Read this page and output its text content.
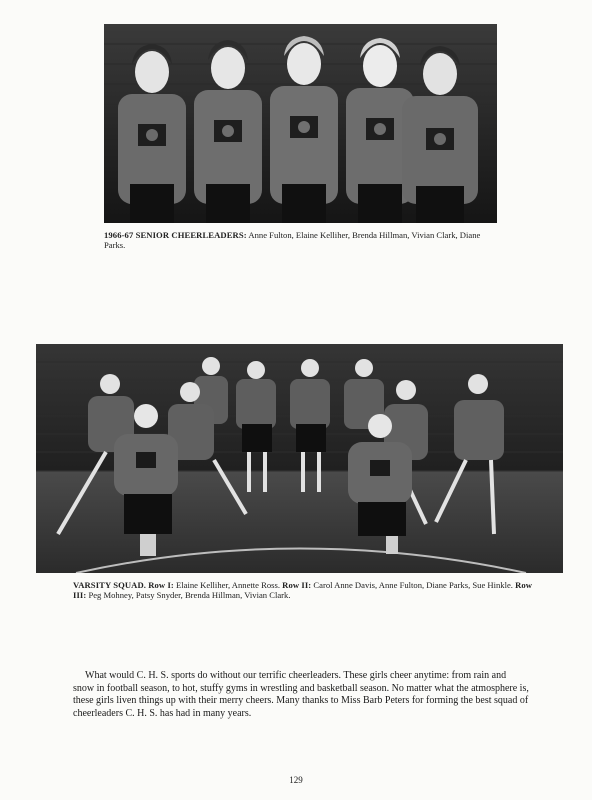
1966-67 SENIOR CHEERLEADERS: Anne Fulton, Elaine Kelliher, Brenda Hillman, Vivian Clark, Diane Parks.
VARSITY SQUAD. Row I: Elaine Kelliher, Annette Ross. Row II: Carol Anne Davis, Anne Fulton, Diane Parks, Sue Hinkle. Row III: Peg Mohney, Patsy Snyder, Brenda Hillman, Vivian Clark.

What would C. H. S. sports do without our terrific cheerleaders. These girls cheer anytime: from rain and snow in football season, to hot, stuffy gyms in wrestling and basketball season. No matter what the atmosphere is, these girls liven things up with their merry cheers. Many thanks to Miss Barb Peters for forming the best squad of cheerleaders C. H. S. has had in many years.

129
